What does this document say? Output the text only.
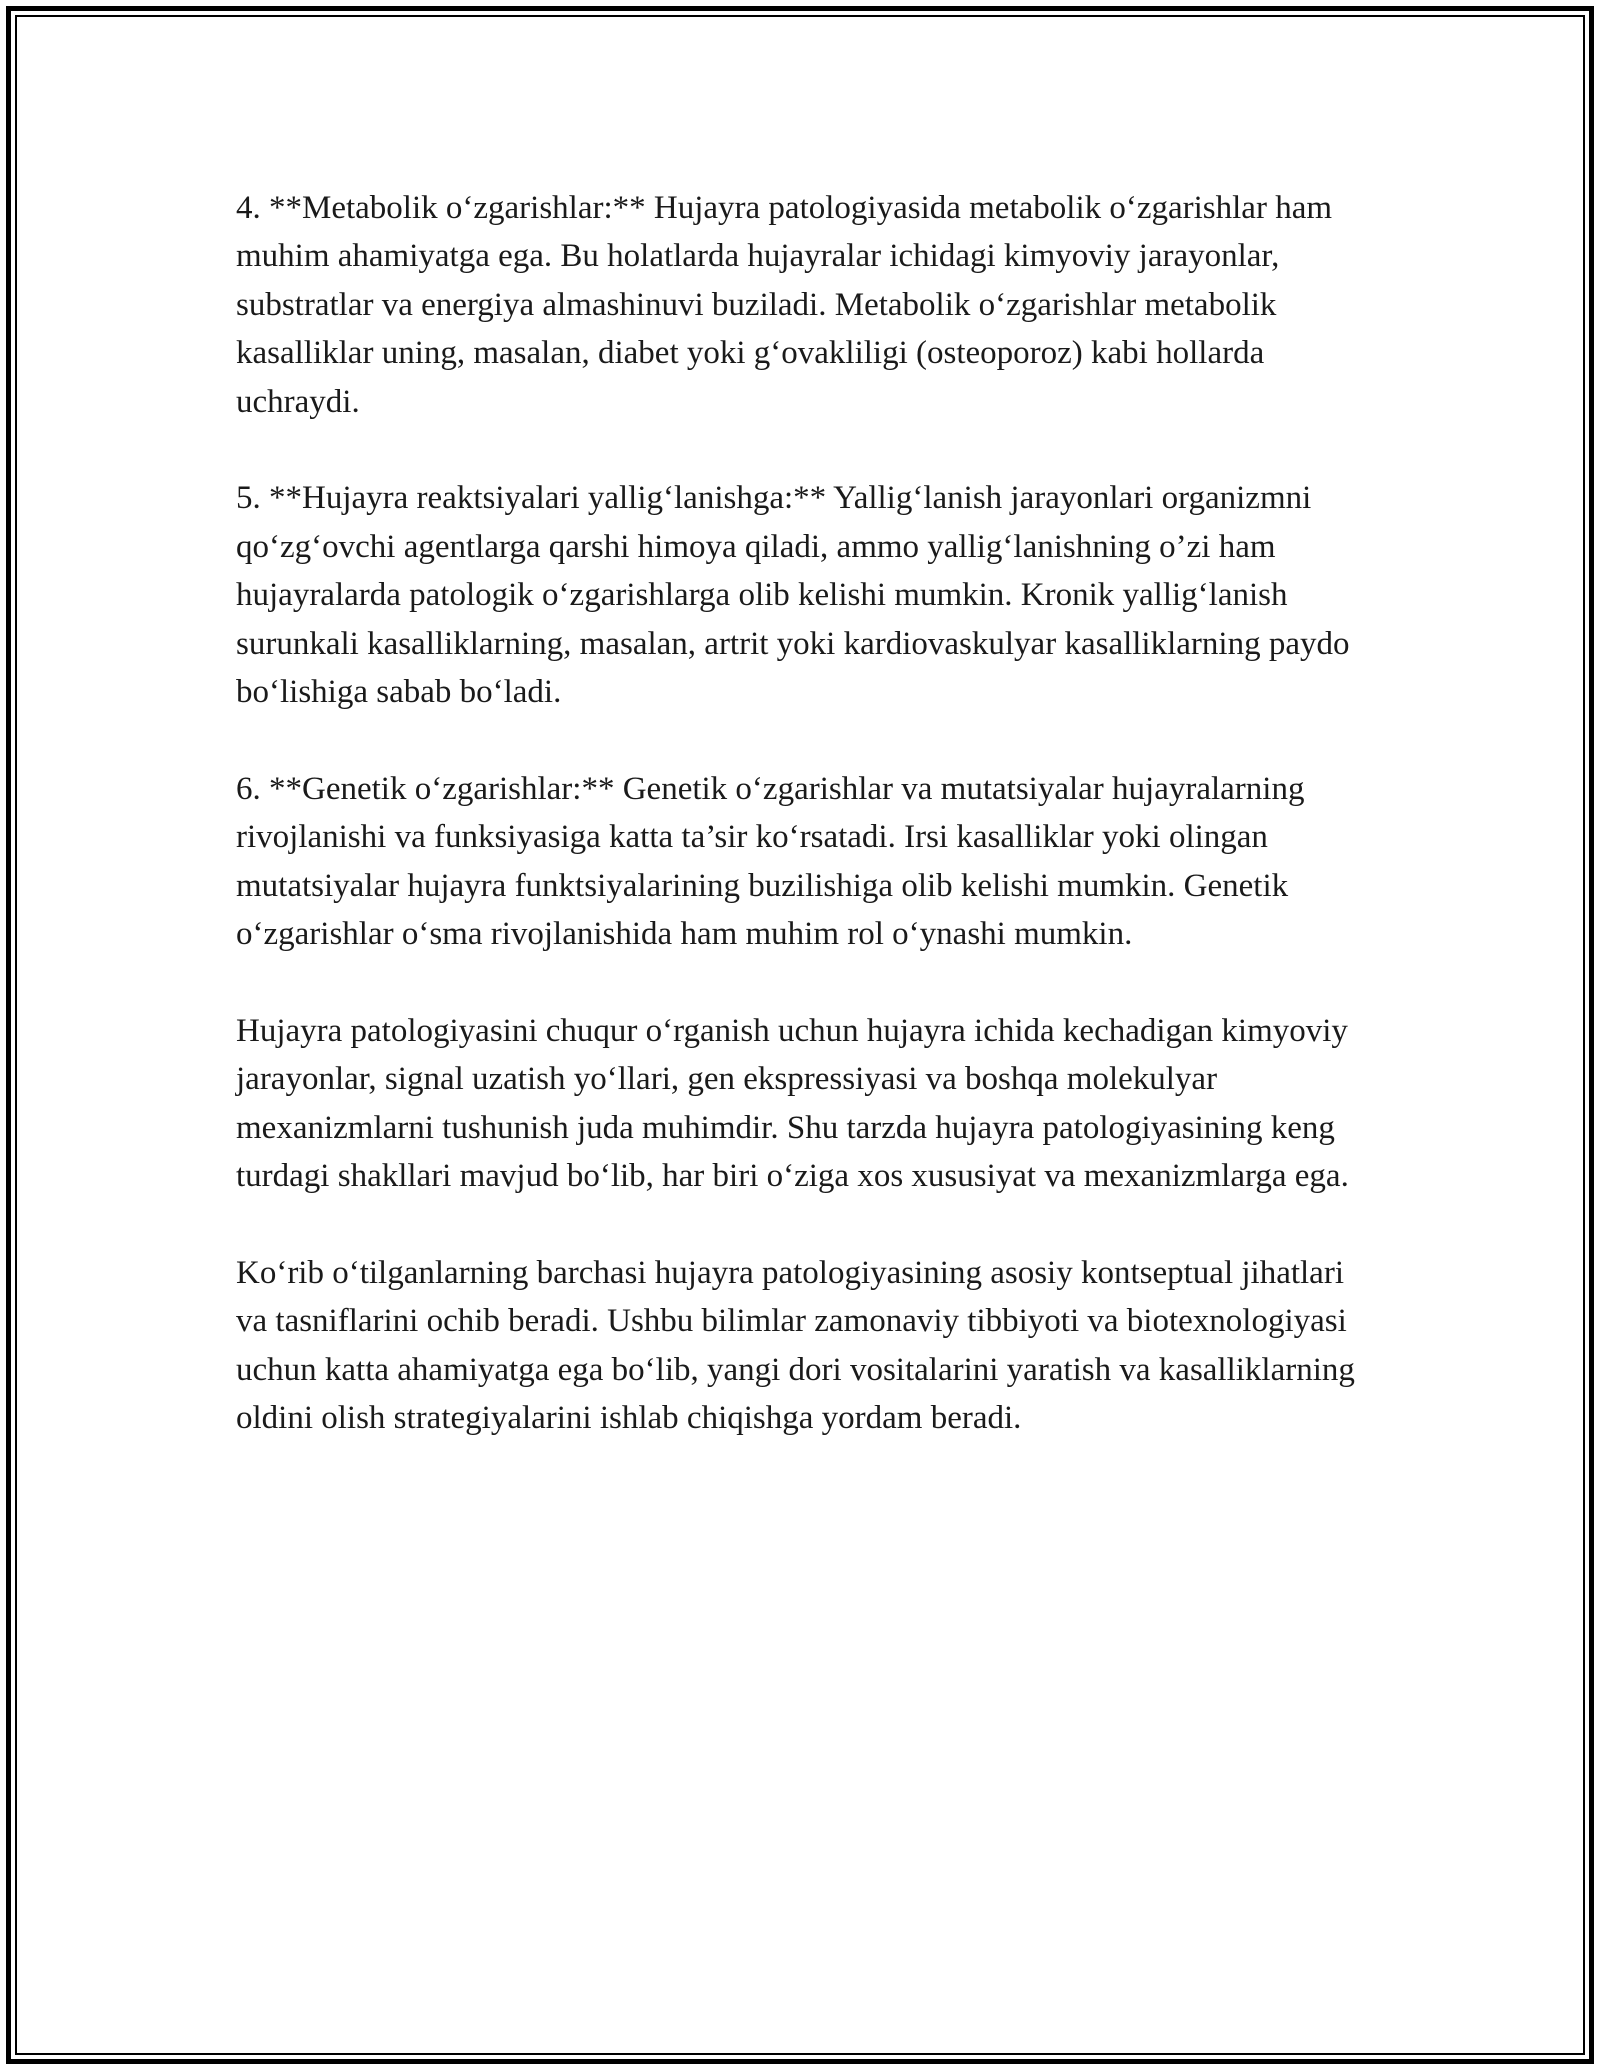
4. **Metabolik o‘zgarishlar:** Hujayra patologiyasida metabolik o‘zgarishlar ham muhim ahamiyatga ega. Bu holatlarda hujayralar ichidagi kimyoviy jarayonlar, substratlar va energiya almashinuvi buziladi. Metabolik o‘zgarishlar metabolik kasalliklar uning, masalan, diabet yoki g‘ovakliligi (osteoporoz) kabi hollarda uchraydi.

5. **Hujayra reaktsiyalari yallig‘lanishga:** Yallig‘lanish jarayonlari organizmni qo‘zg‘ovchi agentlarga qarshi himoya qiladi, ammo yallig‘lanishning o’zi ham hujayralarda patologik o‘zgarishlarga olib kelishi mumkin. Kronik yallig‘lanish surunkali kasalliklarning, masalan, artrit yoki kardiovaskulyar kasalliklarning paydo bo‘lishiga sabab bo‘ladi.

6. **Genetik o‘zgarishlar:** Genetik o‘zgarishlar va mutatsiyalar hujayralarning rivojlanishi va funksiyasiga katta ta’sir ko‘rsatadi. Irsi kasalliklar yoki olingan mutatsiyalar hujayra funktsiyalarining buzilishiga olib kelishi mumkin. Genetik o‘zgarishlar o‘sma rivojlanishida ham muhim rol o‘ynashi mumkin.

Hujayra patologiyasini chuqur o‘rganish uchun hujayra ichida kechadigan kimyoviy jarayonlar, signal uzatish yo‘llari, gen ekspressiyasi va boshqa molekulyar mexanizmlarni tushunish juda muhimdir. Shu tarzda hujayra patologiyasining keng turdagi shakllari mavjud bo‘lib, har biri o‘ziga xos xususiyat va mexanizmlarga ega.

Ko‘rib o‘tilganlarning barchasi hujayra patologiyasining asosiy kontseptual jihatlari va tasniflarini ochib beradi. Ushbu bilimlar zamonaviy tibbiyoti va biotexnologiyasi uchun katta ahamiyatga ega bo‘lib, yangi dori vositalarini yaratish va kasalliklarning oldini olish strategiyalarini ishlab chiqishga yordam beradi.
